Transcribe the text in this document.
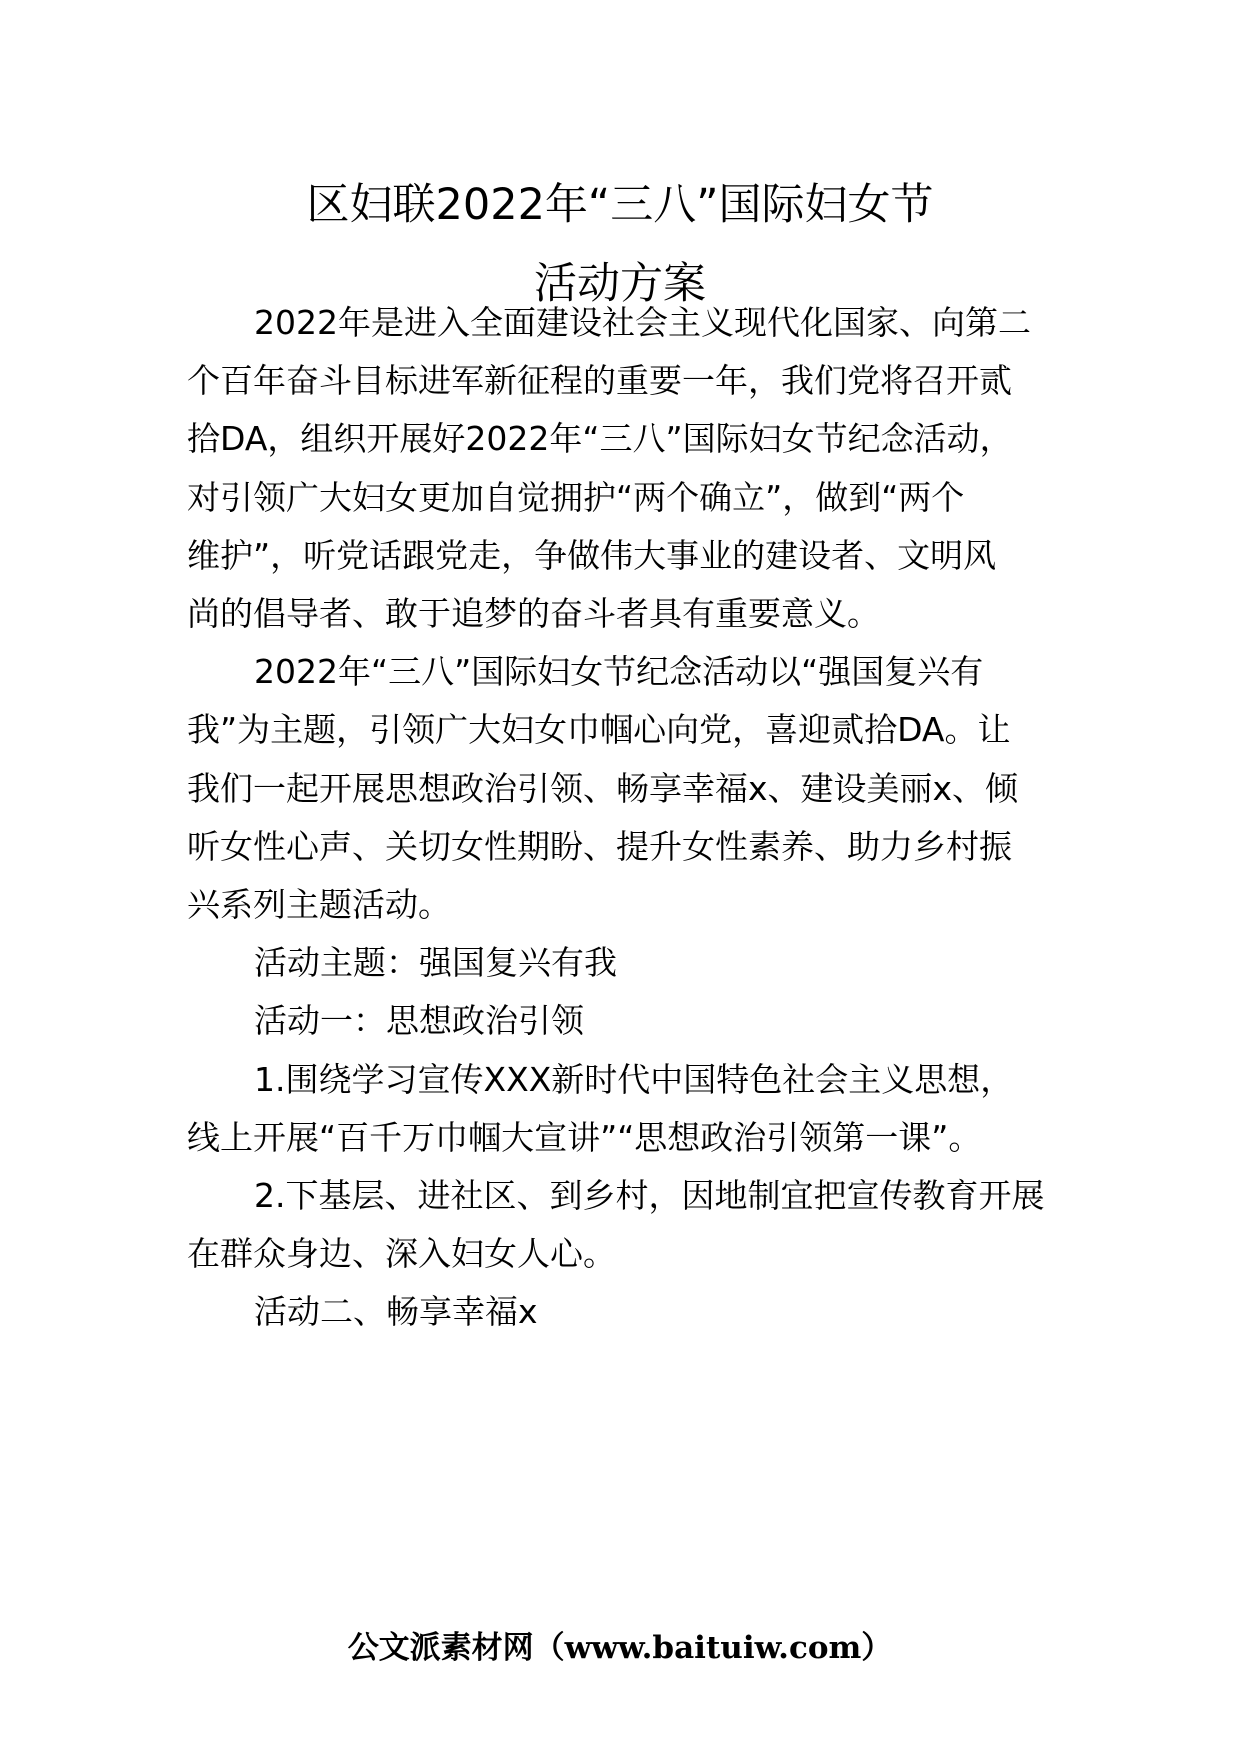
区妇联2022年“三八”国际妇女节
活动方案
2022年是进入全面建设社会主义现代化国家、向第二
个百年奋斗目标进军新征程的重要一年，我们党将召开贰
拾DA，组织开展好2022年“三八”国际妇女节纪念活动，
对引领广大妇女更加自觉拥护“两个确立”，做到“两个
维护”，听党话跟党走，争做伟大事业的建设者、文明风
尚的倡导者、敢于追梦的奋斗者具有重要意义。
2022年“三八”国际妇女节纪念活动以“强国复兴有
我”为主题，引领广大妇女巾帼心向党，喜迎贰拾DA。让
我们一起开展思想政治引领、畅享幸福x、建设美丽x、倾
听女性心声、关切女性期盼、提升女性素养、助力乡村振
兴系列主题活动。
活动主题：强国复兴有我
活动一：思想政治引领
1.围绕学习宣传XXX新时代中国特色社会主义思想，
线上开展“百千万巾帼大宣讲”“思想政治引领第一课”。
2.下基层、进社区、到乡村，因地制宜把宣传教育开展
在群众身边、深入妇女人心。
活动二、畅享幸福x
公文派素材网（www.baituiw.com）
